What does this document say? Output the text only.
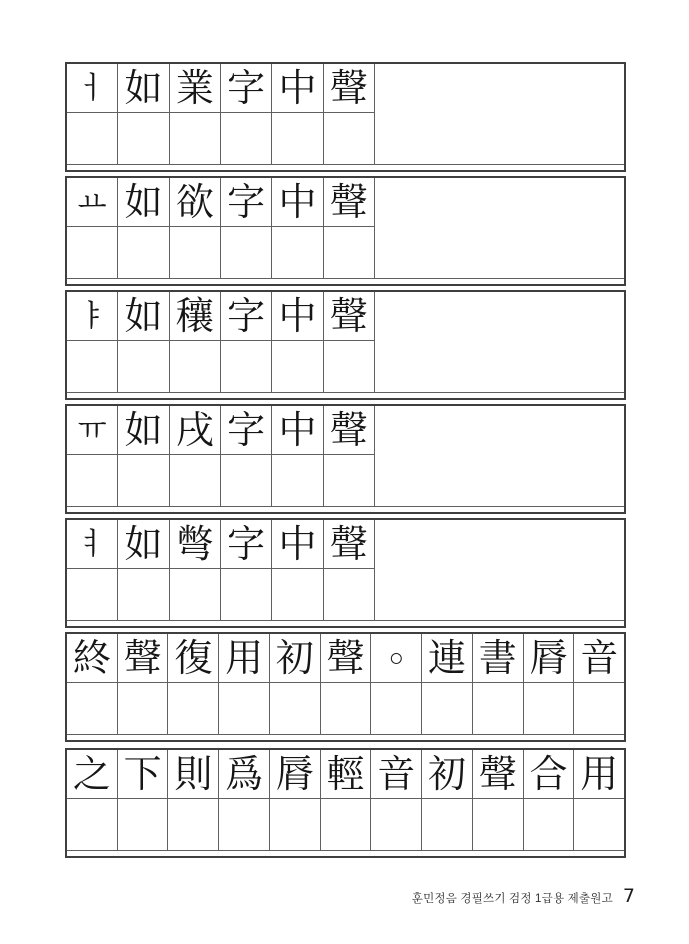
ㅓ 如 業 字 中 聲
ㅛ 如 欲 字 中 聲
ㅑ 如 穰 字 中 聲
ㅠ 如 戌 字 中 聲
ㅕ 如 彆 字 中 聲
終 聲 復 用 初 聲 ○ 連 書 脣 音
之 下 則 爲 脣 輕 音 初 聲 合 用
훈민정음 경필쓰기 검정 1급용 제출원고 7
